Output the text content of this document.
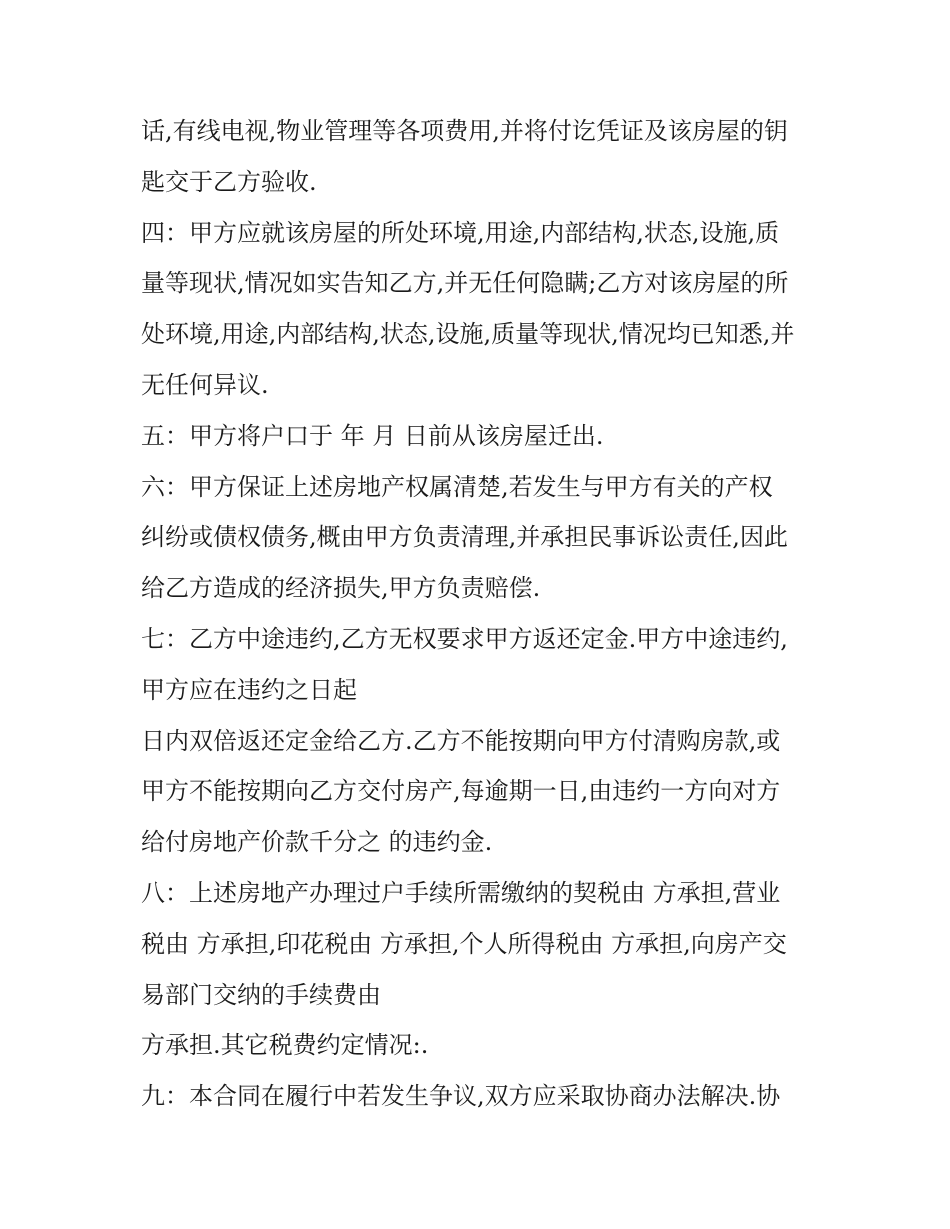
话,有线电视,物业管理等各项费用,并将付讫凭证及该房屋的钥
匙交于乙方验收.
四：甲方应就该房屋的所处环境,用途,内部结构,状态,设施,质
量等现状,情况如实告知乙方,并无任何隐瞒;乙方对该房屋的所
处环境,用途,内部结构,状态,设施,质量等现状,情况均已知悉,并
无任何异议.
五：甲方将户口于 年 月 日前从该房屋迁出.
六：甲方保证上述房地产权属清楚,若发生与甲方有关的产权
纠纷或债权债务,概由甲方负责清理,并承担民事诉讼责任,因此
给乙方造成的经济损失,甲方负责赔偿.
七：乙方中途违约,乙方无权要求甲方返还定金.甲方中途违约,
甲方应在违约之日起
日内双倍返还定金给乙方.乙方不能按期向甲方付清购房款,或
甲方不能按期向乙方交付房产,每逾期一日,由违约一方向对方
给付房地产价款千分之 的违约金.
八：上述房地产办理过户手续所需缴纳的契税由 方承担,营业
税由 方承担,印花税由 方承担,个人所得税由 方承担,向房产交
易部门交纳的手续费由
方承担.其它税费约定情况:.
九：本合同在履行中若发生争议,双方应采取协商办法解决.协
